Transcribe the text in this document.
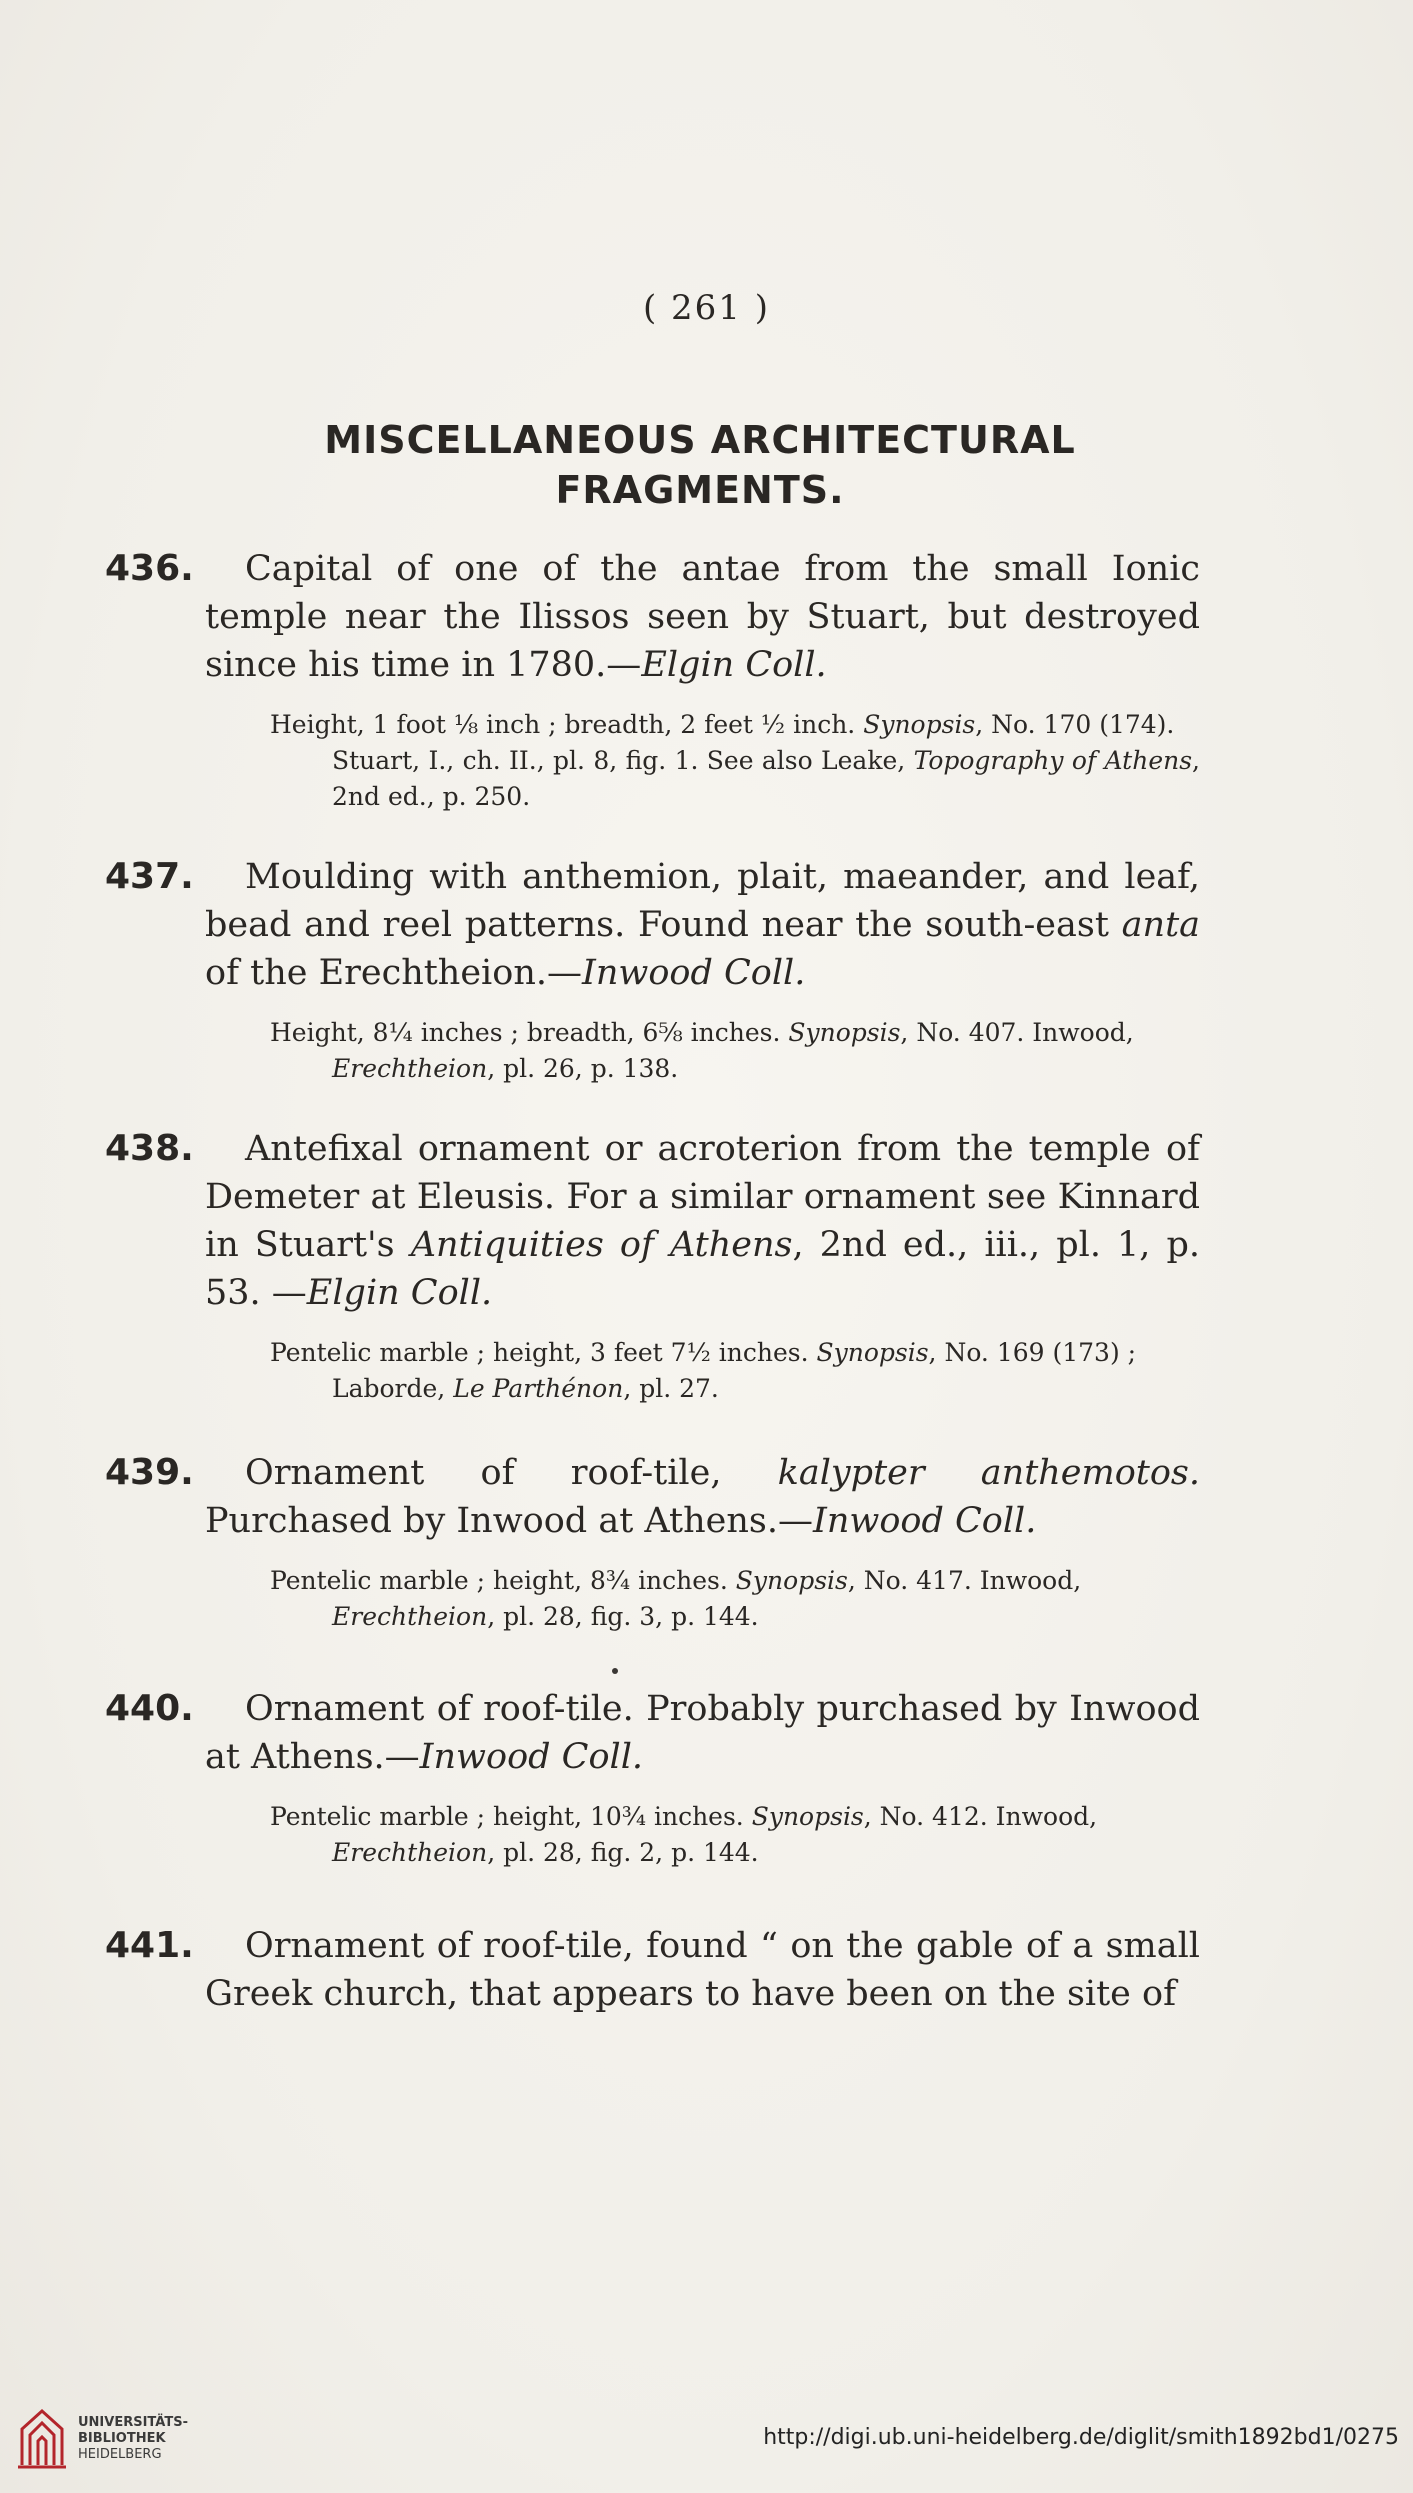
( 261 )
MISCELLANEOUS ARCHITECTURAL
FRAGMENTS.
436.	Capital of one of the antae from the small Ionic temple near the Ilissos seen by Stuart, but destroyed since his time in 1780.—Elgin Coll.
Height, 1 foot ⅛ inch ; breadth, 2 feet ½ inch. Synopsis, No. 170 (174).
Stuart, I., ch. II., pl. 8, fig. 1. See also Leake, Topography of Athens, 2nd ed., p. 250.
437.	Moulding with anthemion, plait, maeander, and leaf, bead and reel patterns. Found near the south-east anta of the Erechtheion.—Inwood Coll.
Height, 8¼ inches ; breadth, 6⅝ inches. Synopsis, No. 407. Inwood,
Erechtheion, pl. 26, p. 138.
438.	Antefixal ornament or acroterion from the temple of Demeter at Eleusis. For a similar ornament see Kinnard in Stuart's Antiquities of Athens, 2nd ed., iii., pl. 1, p. 53. —Elgin Coll.
Pentelic marble ; height, 3 feet 7½ inches. Synopsis, No. 169 (173) ;
Laborde, Le Parthénon, pl. 27.
439.	Ornament of roof-tile, kalypter anthemotos. Purchased by Inwood at Athens.—Inwood Coll.
Pentelic marble ; height, 8¾ inches. Synopsis, No. 417. Inwood,
Erechtheion, pl. 28, fig. 3, p. 144.
440.	Ornament of roof-tile. Probably purchased by Inwood at Athens.—Inwood Coll.
Pentelic marble ; height, 10¾ inches. Synopsis, No. 412. Inwood,
Erechtheion, pl. 28, fig. 2, p. 144.
441.	Ornament of roof-tile, found “ on the gable of a small Greek church, that appears to have been on the site of
UNIVERSITÄTS-
BIBLIOTHEK
HEIDELBERG
http://digi.ub.uni-heidelberg.de/diglit/smith1892bd1/0275
